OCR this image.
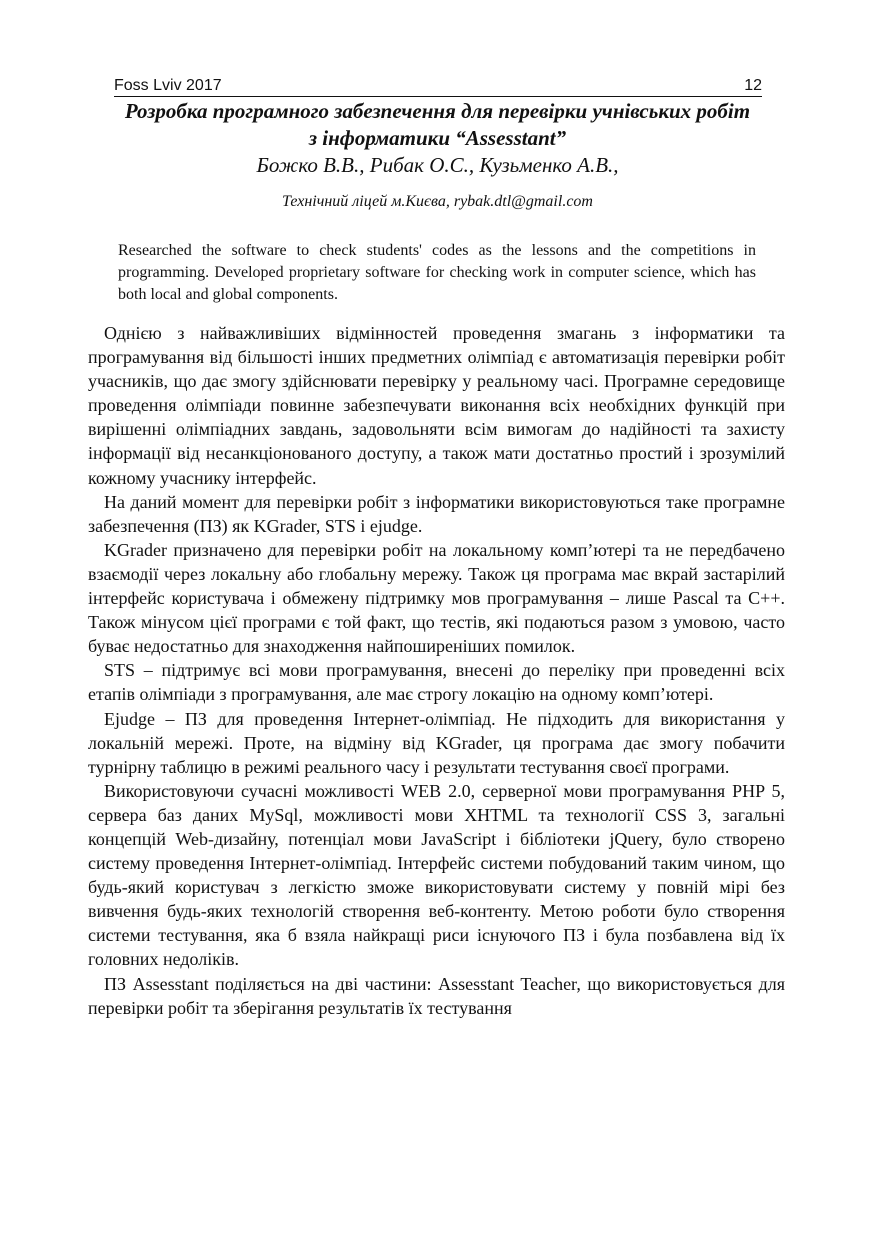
Foss Lviv 2017	12
Розробка програмного забезпечення для перевірки учнівських робіт
з інформатики “Assesstant”
Божко В.В., Рибак О.С., Кузьменко А.В.,
Технічний ліцей м.Києва, rybak.dtl@gmail.com

Researched the software to check students' codes as the lessons and the competitions in programming. Developed proprietary software for checking work in computer science, which has both local and global components.

Однією з найважливіших відмінностей проведення змагань з інформатики та програмування від більшості інших предметних олімпіад є автоматизація перевірки робіт учасників, що дає змогу здійснювати перевірку у реальному часі. Програмне середовище проведення олімпіади повинне забезпечувати виконання всіх необхідних функцій при вирішенні олімпіадних завдань, задовольняти всім вимогам до надійності та захисту інформації від несанкціонованого доступу, а також мати достатньо простий і зрозумілий кожному учаснику інтерфейс.

На даний момент для перевірки робіт з інформатики використовуються таке програмне забезпечення (ПЗ) як KGrader, STS і ejudge.

KGrader призначено для перевірки робіт на локальному комп’ютері та не передбачено взаємодії через локальну або глобальну мережу. Також ця програма має вкрай застарілий інтерфейс користувача і обмежену підтримку мов програмування – лише Pascal та С++. Також мінусом цієї програми є той факт, що тестів, які подаються разом з умовою, часто буває недостатньо для знаходження найпоширеніших помилок.

STS – підтримує всі мови програмування, внесені до переліку при проведенні всіх етапів олімпіади з програмування, але має строгу локацію на одному комп’ютері.

Ejudge – ПЗ для проведення Інтернет-олімпіад. Не підходить для використання у локальній мережі. Проте, на відміну від KGrader, ця програма дає змогу побачити турнірну таблицю в режимі реального часу і результати тестування своєї програми.

Використовуючи сучасні можливості WEB 2.0, серверної мови програмування PHP 5, сервера баз даних MySql, можливості мови XHTML та технології CSS 3, загальні концепцій Web-дизайну, потенціал мови JavaScript і бібліотеки jQuery, було створено систему проведення Інтернет-олімпіад. Інтерфейс системи побудований таким чином, що будь-який користувач з легкістю зможе використовувати систему у повній мірі без вивчення будь-яких технологій створення веб-контенту. Метою роботи було створення системи тестування, яка б взяла найкращі риси існуючого ПЗ і була позбавлена від їх головних недоліків.

ПЗ Assesstant поділяється на дві частини: Assesstant Teacher, що використовується для перевірки робіт та зберігання результатів їх тестування
